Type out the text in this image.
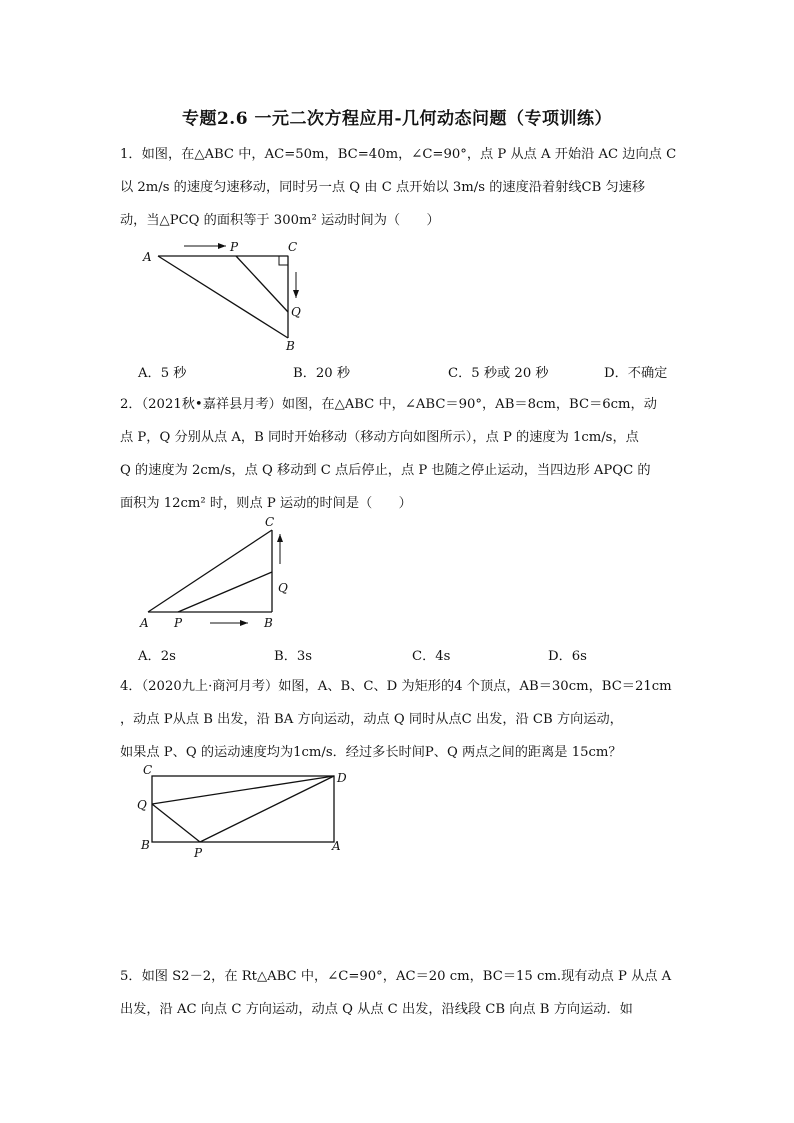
专题2.6 一元二次方程应用-几何动态问题（专项训练）
1．如图，在△ABC 中，AC=50m，BC=40m，∠C=90°，点 P 从点 A 开始沿 AC 边向点 C
以 2m/s 的速度匀速移动，同时另一点 Q 由 C 点开始以 3m/s 的速度沿着射线CB 匀速移
动，当△PCQ 的面积等于 300m² 运动时间为（　　）
A
P	C
Q
B
A．5 秒	B．20 秒	C．5 秒或 20 秒	D．不确定
2．（2021秋•嘉祥县月考）如图，在△ABC 中，∠ABC＝90°，AB＝8cm，BC＝6cm，动
点 P，Q 分别从点 A，B 同时开始移动（移动方向如图所示），点 P 的速度为 1cm/s，点
Q 的速度为 2cm/s，点 Q 移动到 C 点后停止，点 P 也随之停止运动，当四边形 APQC 的
面积为 12cm² 时，则点 P 运动的时间是（　　）
C
Q
A P	B
A．2s	B．3s	C．4s	D．6s
4．（2020九上·商河月考）如图，A、B、C、D 为矩形的4 个顶点，AB＝30cm，BC＝21cm
，动点 P从点 B 出发，沿 BA 方向运动，动点 Q 同时从点C 出发，沿 CB 方向运动，
如果点 P、Q 的运动速度均为1cm/s．经过多长时间P、Q 两点之间的距离是 15cm？
C
D
Q
B
P	A
5．如图 S2－2，在 Rt△ABC 中，∠C=90°，AC＝20 cm，BC＝15 cm.现有动点 P 从点 A
出发，沿 AC 向点 C 方向运动，动点 Q 从点 C 出发，沿线段 CB 向点 B 方向运动．如
